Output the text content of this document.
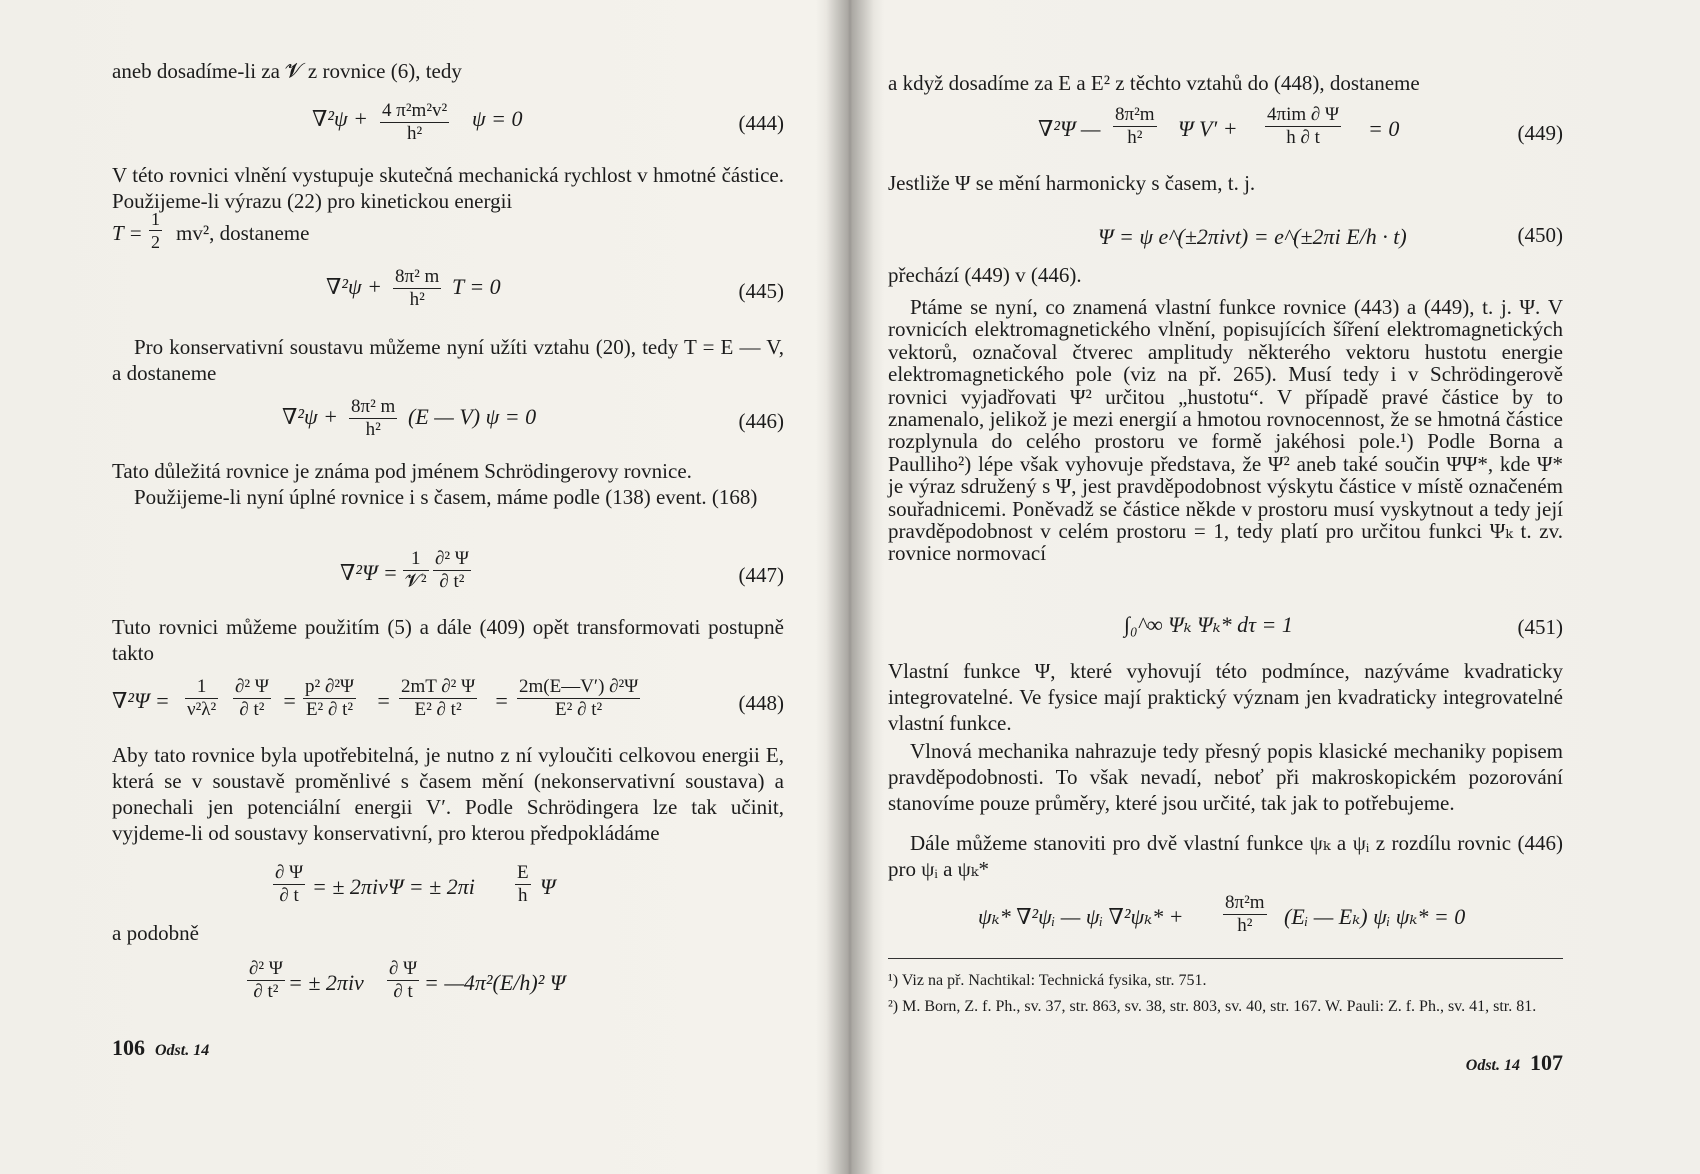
aneb dosadíme-li za 𝓥 z rovnice (6), tedy

$\nabla^2\psi + \frac{\text{4 π²m²v²}}{\text{h²}}$ ψ = 0	(444)

V této rovnici vlnění vystupuje skutečná mechanická rychlost v hmotné částice. Použijeme-li výrazu (22) pro kinetickou energii

$T = \frac{1}{2} mv^2$, dostaneme
$\nabla^2\psi + \frac{\text{8π² m}}{\text{h²}}$ T = 0	(445)

Pro konservativní soustavu můžeme nyní užíti vztahu (20), tedy T = E — V, a dostaneme

$\nabla^2\psi + \frac{\text{8π² m}}{\text{h²}} (E$ — V) ψ = 0	(446)

Tato důležitá rovnice je známa pod jménem Schrödingerovy rovnice.

Použijeme-li nyní úplné rovnice i s časem, máme podle (138) event. (168)

∇²Ψ =
1
𝓥² $\frac{\text{∂² Ψ}}{\text{∂ t²}}$	(447)

Tuto rovnici můžeme použitím (5) a dále (409) opět transformovati postupně takto

$\nabla^2\Psi = \frac{1}{\text{ν²λ²}} \frac{\text{∂² Ψ}}{\text{∂ t²}} = \frac{\text{p² ∂²Ψ}}{\text{E² ∂ t²}} = \frac{\text{2mT ∂² Ψ}}{\text{E² ∂ t²}} = \frac{\text{2m(E—V′) ∂²Ψ}}{\text{E² ∂ t²}}$	(448)

Aby tato rovnice byla upotřebitelná, je nutno z ní vyloučiti celkovou energii E, která se v soustavě proměnlivé s časem mění (nekonservativní soustava) a ponechali jen potenciální energii V′. Podle Schrödingera lze tak učinit, vyjdeme-li od soustavy konservativní, pro kterou předpokládáme

$\frac{\partial \Psi}{\partial t}$ = ± 2πiνΨ = ± $2\pi i \frac{E}{h}$ Ψ

a podobně

$\frac{\text{∂² Ψ}}{\text{∂ t²}}$ = ± $2\pi i\nu \frac{\partial \Psi}{\partial t}$ = —4π²(E/h)² Ψ
106 Odst. 14

a když dosadíme za E a E² z těchto vztahů do (448), dostaneme

∇²Ψ — $\frac{\text{8π²m}}{\text{h²}}$ Ψ V′ +
4πim ∂ Ψ
h ∂ t	= 0	(449)

Jestliže Ψ se mění harmonicky s časem, t. j.

Ψ = ψ e^(±2πiνt) = e^(±2πi E/h · t)	(450)

přechází (449) v (446).

Ptáme se nyní, co znamená vlastní funkce rovnice (443) a (449), t. j. Ψ. V rovnicích elektromagnetického vlnění, popisujících šíření elektromagnetických vektorů, označoval čtverec amplitudy některého vektoru hustotu energie elektromagnetického pole (viz na př. 265). Musí tedy i v Schrödingerově rovnici vyjadřovati Ψ² určitou „hustotu“. V případě pravé částice by to znamenalo, jelikož je mezi energií a hmotou rovnocennost, že se hmotná částice rozplynula do celého prostoru ve formě jakéhosi pole.¹) Podle Borna a Paulliho²) lépe však vyhovuje představa, že Ψ² aneb také součin ΨΨ*, kde Ψ* je výraz sdružený s Ψ, jest pravděpodobnost výskytu částice v místě označeném souřadnicemi. Poněvadž se částice někde v prostoru musí vyskytnout a tedy její pravděpodobnost v celém prostoru = 1, tedy platí pro určitou funkci Ψₖ t. zv. rovnice normovací

∫₀^∞ Ψₖ Ψₖ* dτ = 1	(451)

Vlastní funkce Ψ, které vyhovují této podmínce, nazýváme kvadraticky integrovatelné. Ve fysice mají praktický význam jen kvadraticky integrovatelné vlastní funkce.

Vlnová mechanika nahrazuje tedy přesný popis klasické mechaniky popisem pravděpodobnosti. To však nevadí, neboť při makroskopickém pozorování stanovíme pouze průměry, které jsou určité, tak jak to potřebujeme.

Dále můžeme stanoviti pro dvě vlastní funkce ψₖ a ψᵢ z rozdílu rovnic (446) pro ψᵢ a ψₖ*

ψₖ* ∇²ψᵢ — ψᵢ $\nabla^2\psi_k* + \frac{\text{8π²m}}{\text{h²}}$ (Eᵢ — Eₖ) ψᵢ ψₖ* = 0
¹) Viz na př. Nachtikal: Technická fysika, str. 751.
²) M. Born, Z. f. Ph., sv. 37, str. 863, sv. 38, str. 803, sv. 40, str. 167. W. Pauli: Z. f. Ph., sv. 41, str. 81.
Odst. 14 107
